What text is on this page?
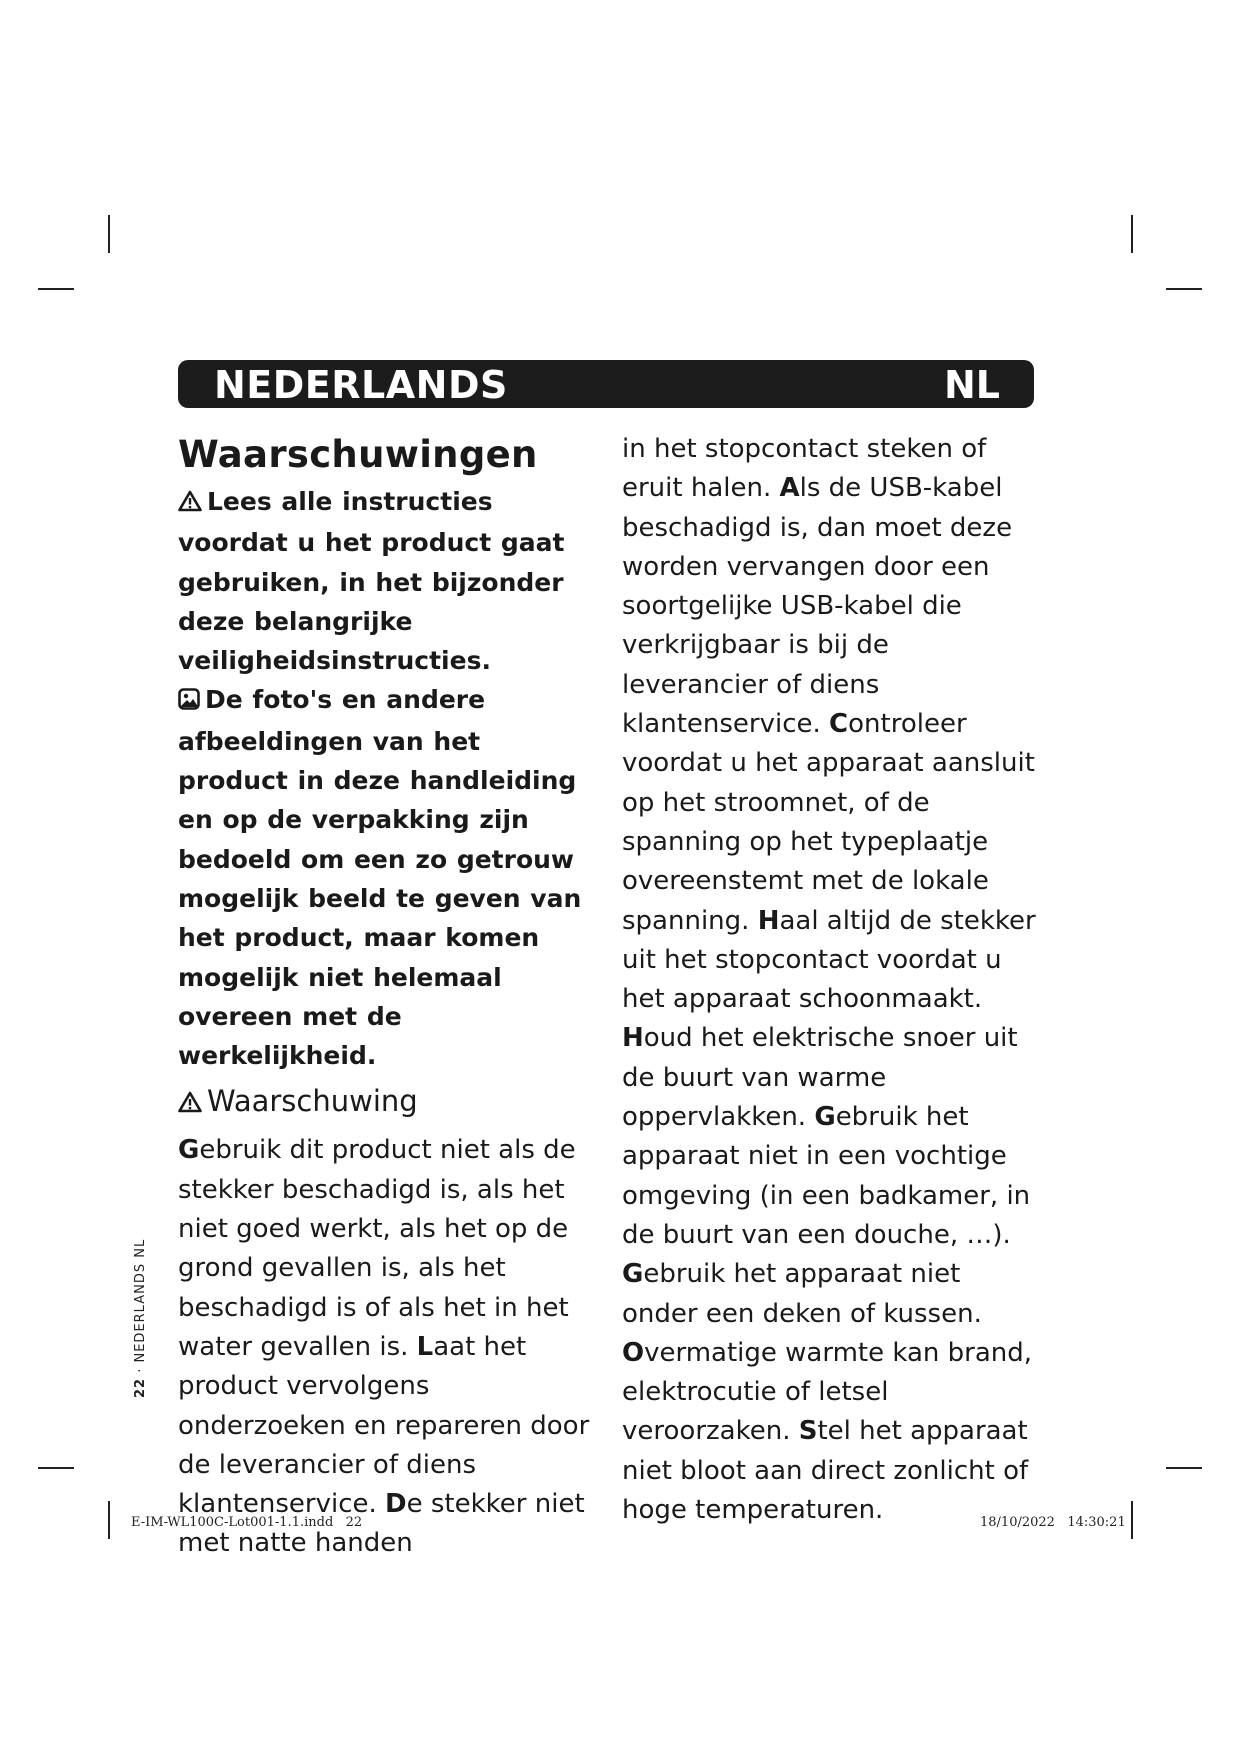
NEDERLANDS	NL
Waarschuwingen

Lees alle instructies voordat u het product gaat gebruiken, in het bijzonder deze belangrijke veiligheidsinstructies.

De foto's en andere afbeeldingen van het product in deze handleiding en op de verpakking zijn bedoeld om een zo getrouw mogelijk beeld te geven van het product, maar komen mogelijk niet helemaal overeen met de werkelijkheid.

Waarschuwing

Gebruik dit product niet als de stekker beschadigd is, als het niet goed werkt, als het op de grond gevallen is, als het beschadigd is of als het in het water gevallen is. Laat het product vervolgens onderzoeken en repareren door de leverancier of diens klantenservice. De stekker niet met natte handen

in het stopcontact steken of eruit halen. Als de USB-kabel beschadigd is, dan moet deze worden vervangen door een soortgelijke USB-kabel die verkrijgbaar is bij de leverancier of diens klantenservice. Controleer voordat u het apparaat aansluit op het stroomnet, of de spanning op het typeplaatje overeenstemt met de lokale spanning. Haal altijd de stekker uit het stopcontact voordat u het apparaat schoonmaakt. Houd het elektrische snoer uit de buurt van warme oppervlakken. Gebruik het apparaat niet in een vochtige omgeving (in een badkamer, in de buurt van een douche, …). Gebruik het apparaat niet onder een deken of kussen. Overmatige warmte kan brand, elektrocutie of letsel veroorzaken. Stel het apparaat niet bloot aan direct zonlicht of hoge temperaturen.

22 · NEDERLANDS NL
E-IM-WL100C-Lot001-1.1.indd   22	18/10/2022   14:30:21
